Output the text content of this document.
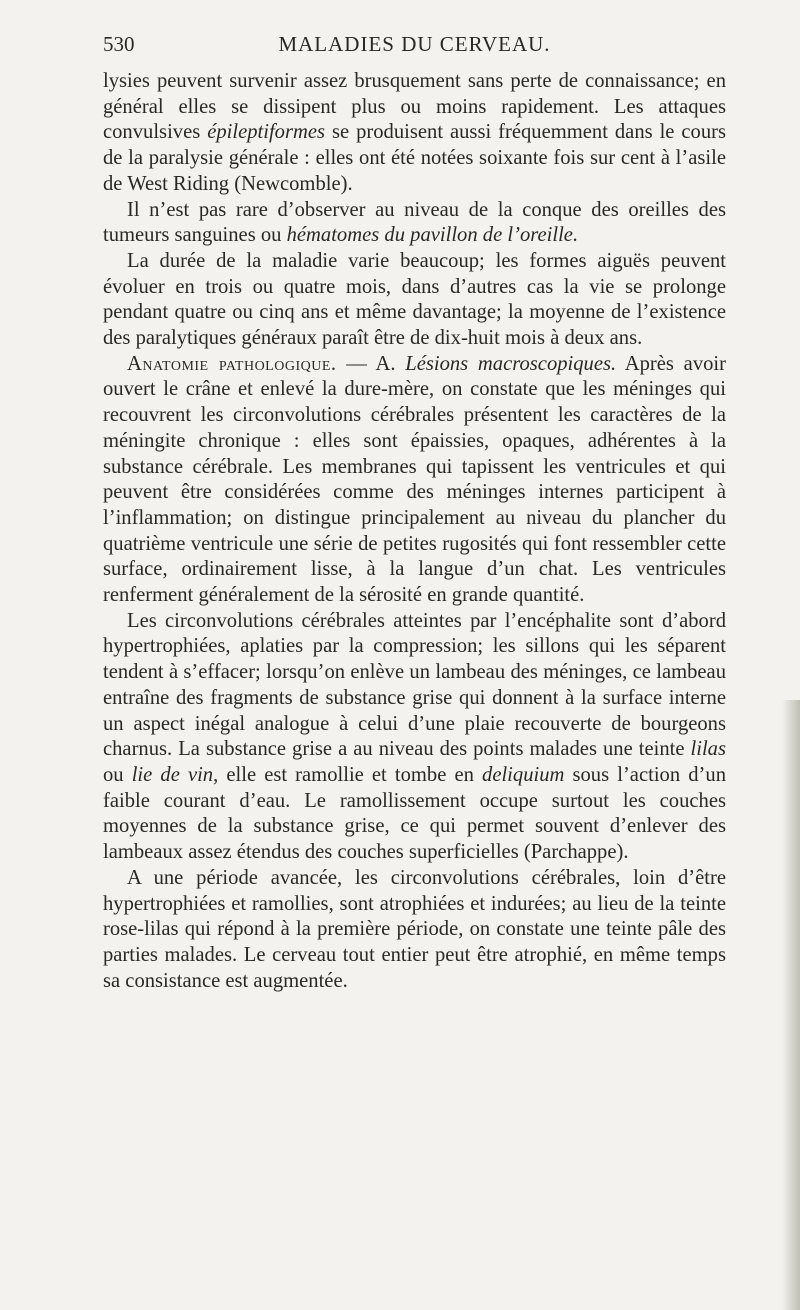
530	MALADIES DU CERVEAU.

lysies peuvent survenir assez brusquement sans perte de connaissance; en général elles se dissipent plus ou moins rapidement. Les attaques convulsives épileptiformes se produisent aussi fréquemment dans le cours de la paralysie générale : elles ont été notées soixante fois sur cent à l’asile de West Riding (Newcomble).

Il n’est pas rare d’observer au niveau de la conque des oreilles des tumeurs sanguines ou hématomes du pavillon de l’oreille.

La durée de la maladie varie beaucoup; les formes aiguës peuvent évoluer en trois ou quatre mois, dans d’autres cas la vie se prolonge pendant quatre ou cinq ans et même davantage; la moyenne de l’existence des paralytiques généraux paraît être de dix-huit mois à deux ans.

Anatomie pathologique. — A. Lésions macroscopiques. Après avoir ouvert le crâne et enlevé la dure-mère, on constate que les méninges qui recouvrent les circonvolutions cérébrales présentent les caractères de la méningite chronique : elles sont épaissies, opaques, adhérentes à la substance cérébrale. Les membranes qui tapissent les ventricules et qui peuvent être considérées comme des méninges internes participent à l’inflammation; on distingue principalement au niveau du plancher du quatrième ventricule une série de petites rugosités qui font ressembler cette surface, ordinairement lisse, à la langue d’un chat. Les ventricules renferment généralement de la sérosité en grande quantité.

Les circonvolutions cérébrales atteintes par l’encéphalite sont d’abord hypertrophiées, aplaties par la compression; les sillons qui les séparent tendent à s’effacer; lorsqu’on enlève un lambeau des méninges, ce lambeau entraîne des fragments de substance grise qui donnent à la surface interne un aspect inégal analogue à celui d’une plaie recouverte de bourgeons charnus. La substance grise a au niveau des points malades une teinte lilas ou lie de vin, elle est ramollie et tombe en deliquium sous l’action d’un faible courant d’eau. Le ramollissement occupe surtout les couches moyennes de la substance grise, ce qui permet souvent d’enlever des lambeaux assez étendus des couches superficielles (Parchappe).

A une période avancée, les circonvolutions cérébrales, loin d’être hypertrophiées et ramollies, sont atrophiées et indurées; au lieu de la teinte rose-lilas qui répond à la première période, on constate une teinte pâle des parties malades. Le cerveau tout entier peut être atrophié, en même temps sa consistance est augmentée.
